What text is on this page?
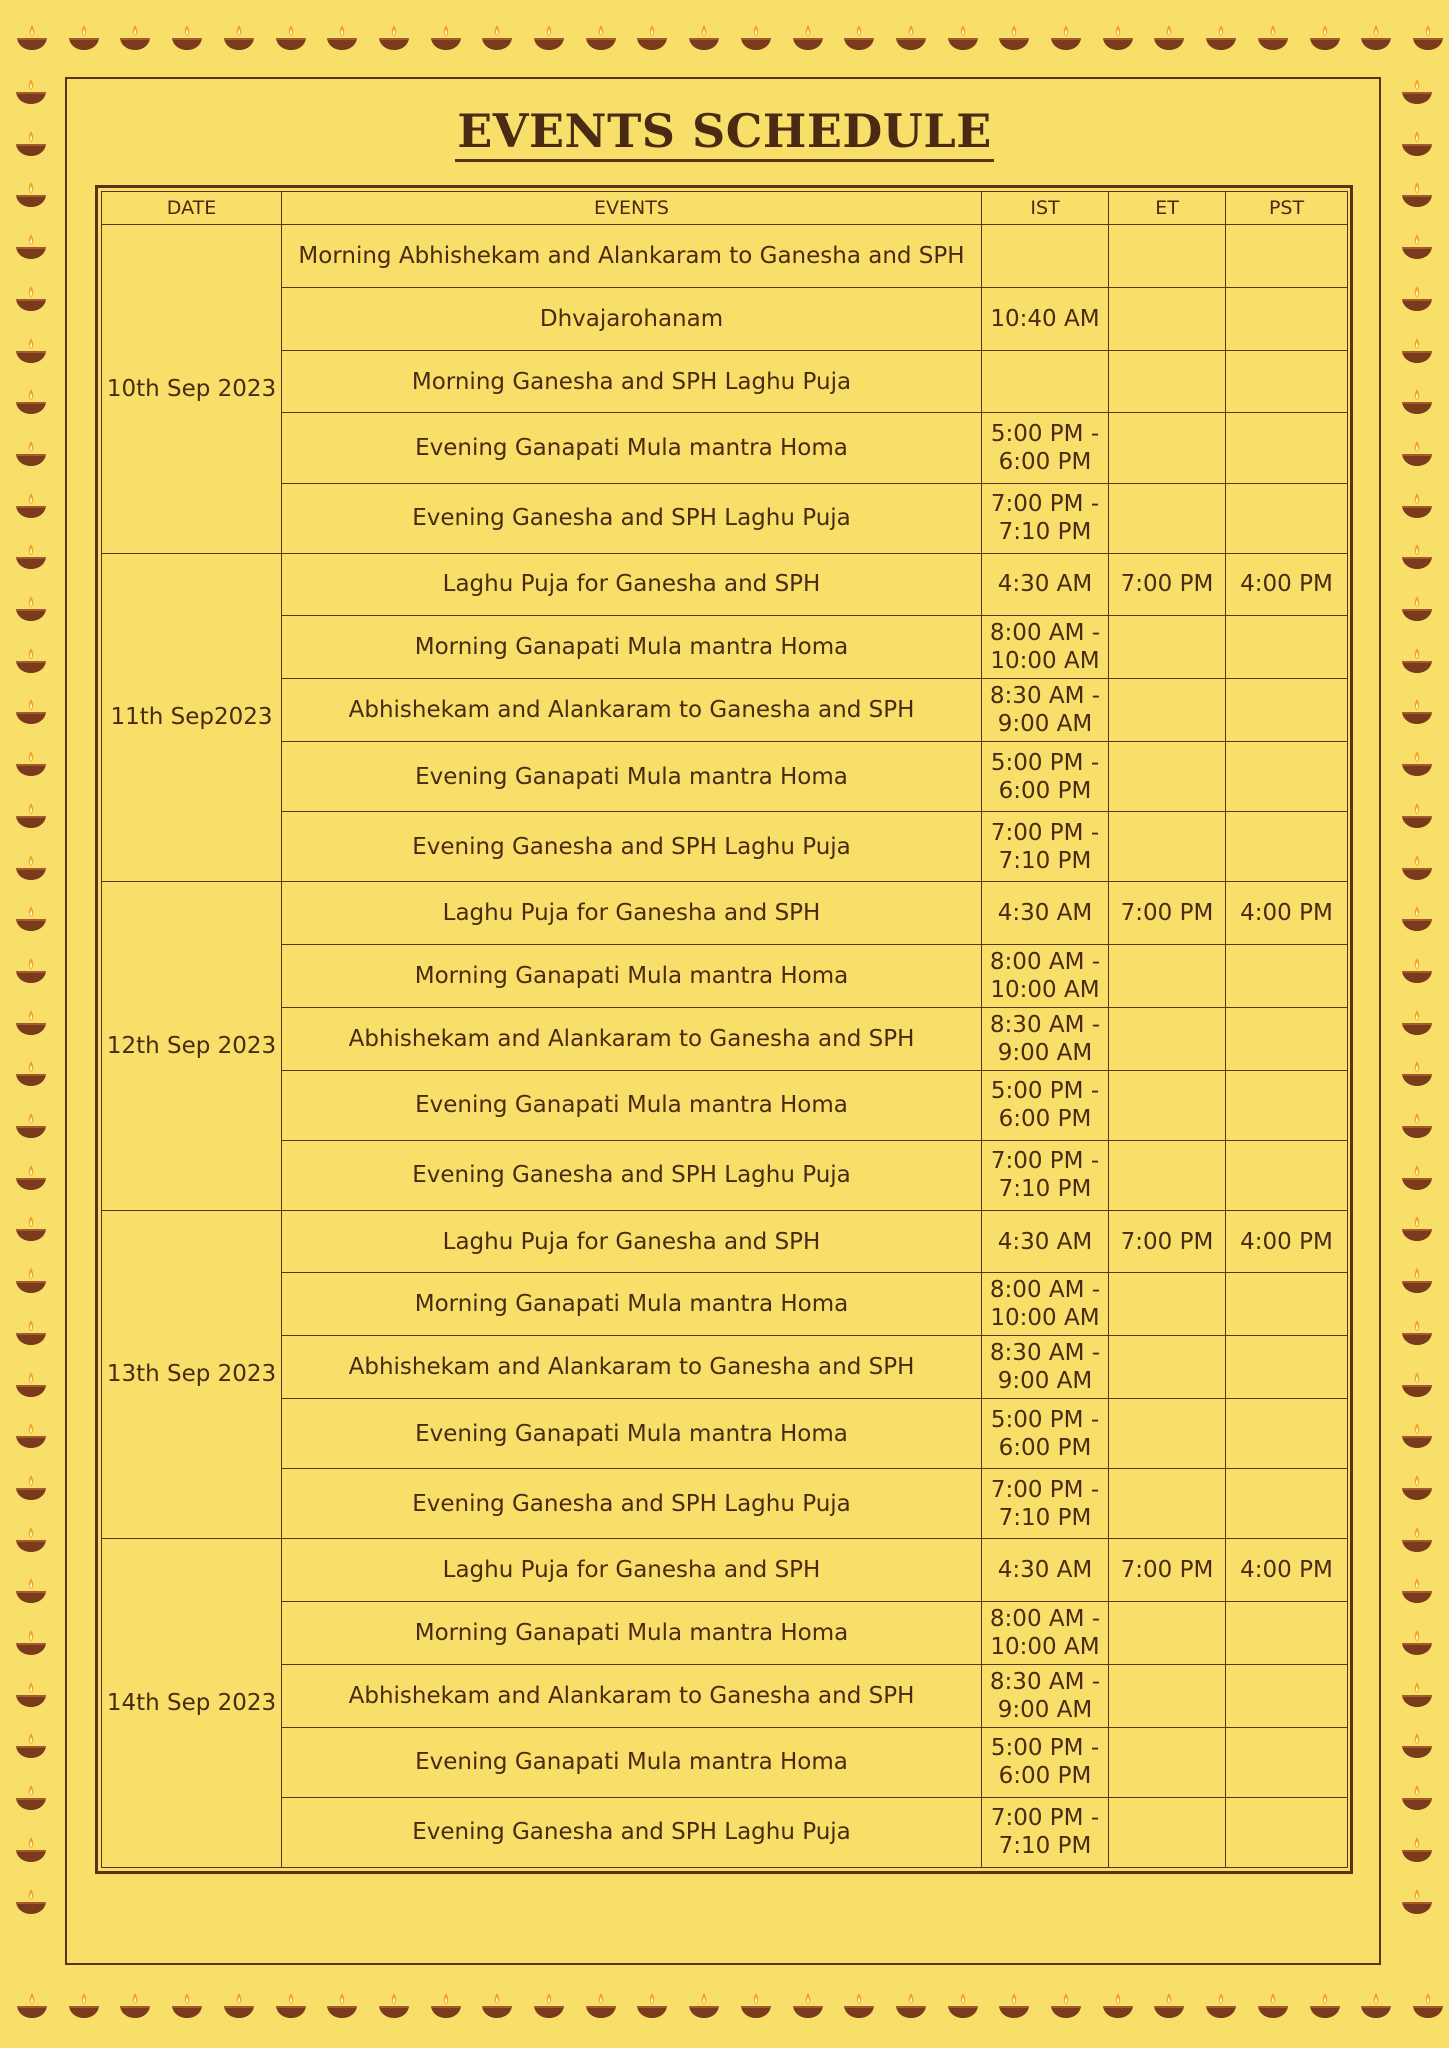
EVENTS SCHEDULE
DATE	EVENTS	IST	ET	PST
10th Sep 2023	Morning Abhishekam and Alankaram to Ganesha and SPH	

	Dhvajarohanam	10:40 AM		

	Morning Ganesha and SPH Laghu Puja	

	Evening Ganapati Mula mantra Homa	5:00 PM -
6:00 PM		

	Evening Ganesha and SPH Laghu Puja	7:00 PM -
7:10 PM		

11th Sep2023	Laghu Puja for Ganesha and SPH	4:30 AM	7:00 PM	4:00 PM
	Morning Ganapati Mula mantra Homa	8:00 AM -
10:00 AM		

	Abhishekam and Alankaram to Ganesha and SPH	8:30 AM -
9:00 AM		

	Evening Ganapati Mula mantra Homa	5:00 PM -
6:00 PM		

	Evening Ganesha and SPH Laghu Puja	7:00 PM -
7:10 PM		

12th Sep 2023	Laghu Puja for Ganesha and SPH	4:30 AM	7:00 PM	4:00 PM
	Morning Ganapati Mula mantra Homa	8:00 AM -
10:00 AM		

	Abhishekam and Alankaram to Ganesha and SPH	8:30 AM -
9:00 AM		

	Evening Ganapati Mula mantra Homa	5:00 PM -
6:00 PM		

	Evening Ganesha and SPH Laghu Puja	7:00 PM -
7:10 PM		

13th Sep 2023	Laghu Puja for Ganesha and SPH	4:30 AM	7:00 PM	4:00 PM
	Morning Ganapati Mula mantra Homa	8:00 AM -
10:00 AM		

	Abhishekam and Alankaram to Ganesha and SPH	8:30 AM -
9:00 AM		

	Evening Ganapati Mula mantra Homa	5:00 PM -
6:00 PM		

	Evening Ganesha and SPH Laghu Puja	7:00 PM -
7:10 PM		

14th Sep 2023	Laghu Puja for Ganesha and SPH	4:30 AM	7:00 PM	4:00 PM
	Morning Ganapati Mula mantra Homa	8:00 AM -
10:00 AM		

	Abhishekam and Alankaram to Ganesha and SPH	8:30 AM -
9:00 AM		

	Evening Ganapati Mula mantra Homa	5:00 PM -
6:00 PM		

	Evening Ganesha and SPH Laghu Puja	7:00 PM -
7:10 PM		
